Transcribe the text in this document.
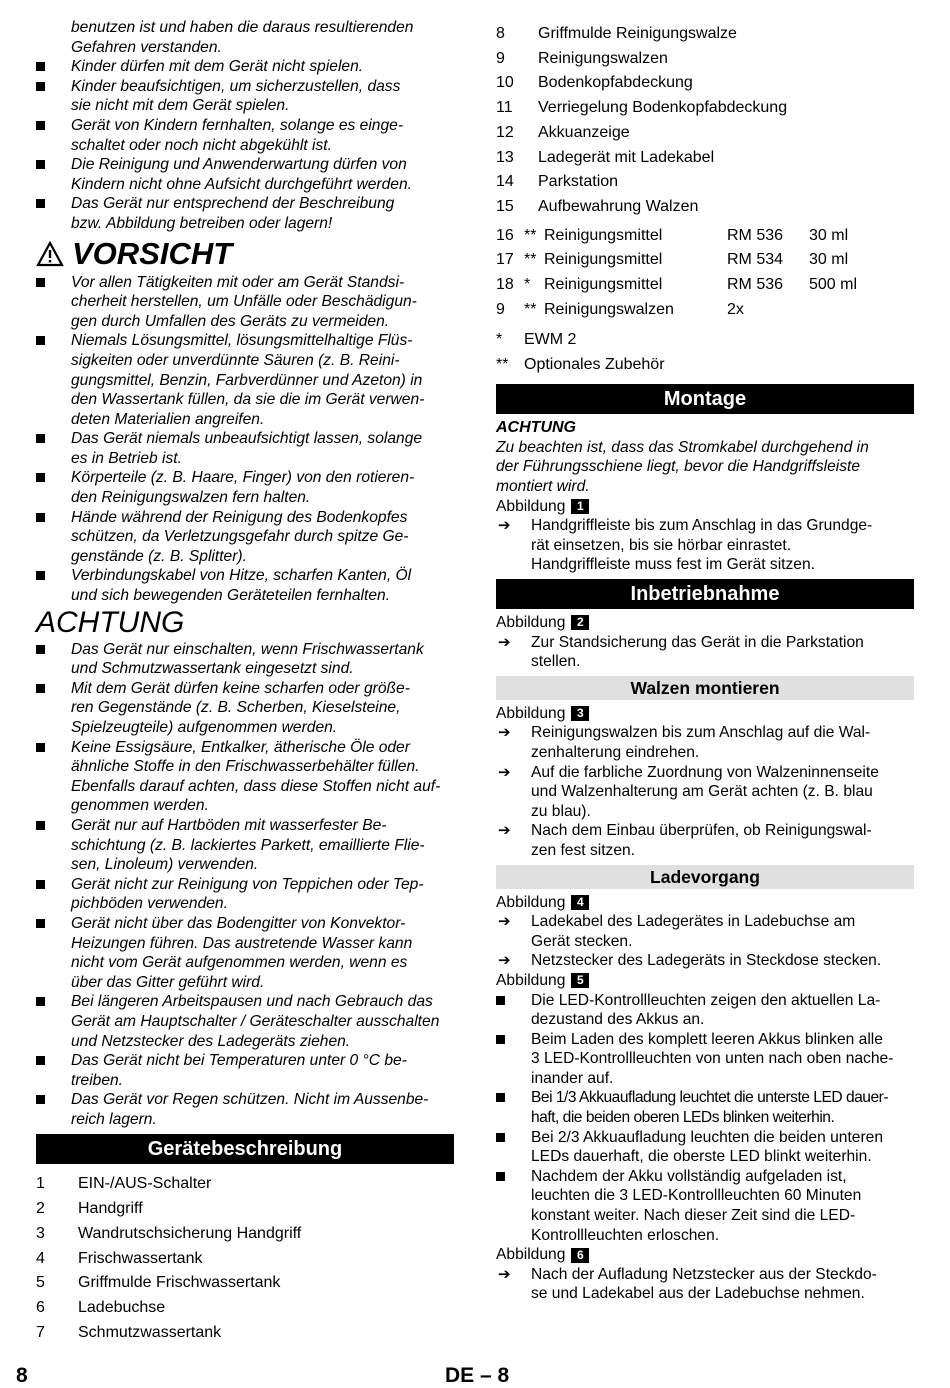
benutzen ist und haben die daraus resultierenden
Gefahren verstanden.
Kinder dürfen mit dem Gerät nicht spielen.
Kinder beaufsichtigen, um sicherzustellen, dass
sie nicht mit dem Gerät spielen.
Gerät von Kindern fernhalten, solange es einge-
schaltet oder noch nicht abgekühlt ist.
Die Reinigung und Anwenderwartung dürfen von
Kindern nicht ohne Aufsicht durchgeführt werden.
Das Gerät nur entsprechend der Beschreibung
bzw. Abbildung betreiben oder lagern!
VORSICHT
Vor allen Tätigkeiten mit oder am Gerät Standsi-
cherheit herstellen, um Unfälle oder Beschädigun-
gen durch Umfallen des Geräts zu vermeiden.
Niemals Lösungsmittel, lösungsmittelhaltige Flüs-
sigkeiten oder unverdünnte Säuren (z. B. Reini-
gungsmittel, Benzin, Farbverdünner und Azeton) in
den Wassertank füllen, da sie die im Gerät verwen-
deten Materialien angreifen.
Das Gerät niemals unbeaufsichtigt lassen, solange
es in Betrieb ist.
Körperteile (z. B. Haare, Finger) von den rotieren-
den Reinigungswalzen fern halten.
Hände während der Reinigung des Bodenkopfes
schützen, da Verletzungsgefahr durch spitze Ge-
genstände (z. B. Splitter).
Verbindungskabel von Hitze, scharfen Kanten, Öl
und sich bewegenden Geräteteilen fernhalten.
ACHTUNG
Das Gerät nur einschalten, wenn Frischwassertank
und Schmutzwassertank eingesetzt sind.
Mit dem Gerät dürfen keine scharfen oder größe-
ren Gegenstände (z. B. Scherben, Kieselsteine,
Spielzeugteile) aufgenommen werden.
Keine Essigsäure, Entkalker, ätherische Öle oder
ähnliche Stoffe in den Frischwasserbehälter füllen.
Ebenfalls darauf achten, dass diese Stoffen nicht auf-
genommen werden.
Gerät nur auf Hartböden mit wasserfester Be-
schichtung (z. B. lackiertes Parkett, emaillierte Flie-
sen, Linoleum) verwenden.
Gerät nicht zur Reinigung von Teppichen oder Tep-
pichböden verwenden.
Gerät nicht über das Bodengitter von Konvektor-
Heizungen führen. Das austretende Wasser kann
nicht vom Gerät aufgenommen werden, wenn es
über das Gitter geführt wird.
Bei längeren Arbeitspausen und nach Gebrauch das
Gerät am Hauptschalter / Geräteschalter ausschalten
und Netzstecker des Ladegeräts ziehen.
Das Gerät nicht bei Temperaturen unter 0 °C be-
treiben.
Das Gerät vor Regen schützen. Nicht im Aussenbe-
reich lagern.
Gerätebeschreibung
1	EIN-/AUS-Schalter
2	Handgriff
3	Wandrutschsicherung Handgriff
4	Frischwassertank
5	Griffmulde Frischwassertank
6	Ladebuchse
7	Schmutzwassertank
8	Griffmulde Reinigungswalze
9	Reinigungswalzen
10	Bodenkopfabdeckung
11	Verriegelung Bodenkopfabdeckung
12	Akkuanzeige
13	Ladegerät mit Ladekabel
14	Parkstation
15	Aufbewahrung Walzen
16 ** Reinigungsmittel	RM 536	30 ml
17 ** Reinigungsmittel	RM 534	30 ml
18 * Reinigungsmittel	RM 536	500 ml
9	** Reinigungswalzen	2x
*	EWM 2
** Optionales Zubehör
Montage
ACHTUNG
Zu beachten ist, dass das Stromkabel durchgehend in
der Führungsschiene liegt, bevor die Handgriffsleiste
montiert wird.
Abbildung 1
➔ Handgriffleiste bis zum Anschlag in das Grundge-
rät einsetzen, bis sie hörbar einrastet.
Handgriffleiste muss fest im Gerät sitzen.
Inbetriebnahme
Abbildung 2
➔ Zur Standsicherung das Gerät in die Parkstation
stellen.
Walzen montieren
Abbildung 3
➔ Reinigungswalzen bis zum Anschlag auf die Wal-
zenhalterung eindrehen.
➔ Auf die farbliche Zuordnung von Walzeninnenseite
und Walzenhalterung am Gerät achten (z. B. blau
zu blau).
➔ Nach dem Einbau überprüfen, ob Reinigungswal-
zen fest sitzen.
Ladevorgang
Abbildung 4
➔ Ladekabel des Ladegerätes in Ladebuchse am
Gerät stecken.
➔ Netzstecker des Ladegeräts in Steckdose stecken.
Abbildung 5
Die LED-Kontrollleuchten zeigen den aktuellen La-
dezustand des Akkus an.
Beim Laden des komplett leeren Akkus blinken alle
3 LED-Kontrollleuchten von unten nach oben nache-
inander auf.
Bei 1/3 Akkuaufladung leuchtet die unterste LED dauer-
haft, die beiden oberen LEDs blinken weiterhin.
Bei 2/3 Akkuaufladung leuchten die beiden unteren
LEDs dauerhaft, die oberste LED blinkt weiterhin.
Nachdem der Akku vollständig aufgeladen ist,
leuchten die 3 LED-Kontrollleuchten 60 Minuten
konstant weiter. Nach dieser Zeit sind die LED-
Kontrollleuchten erloschen.
Abbildung 6
➔ Nach der Aufladung Netzstecker aus der Steckdo-
se und Ladekabel aus der Ladebuchse nehmen.
8	DE – 8
